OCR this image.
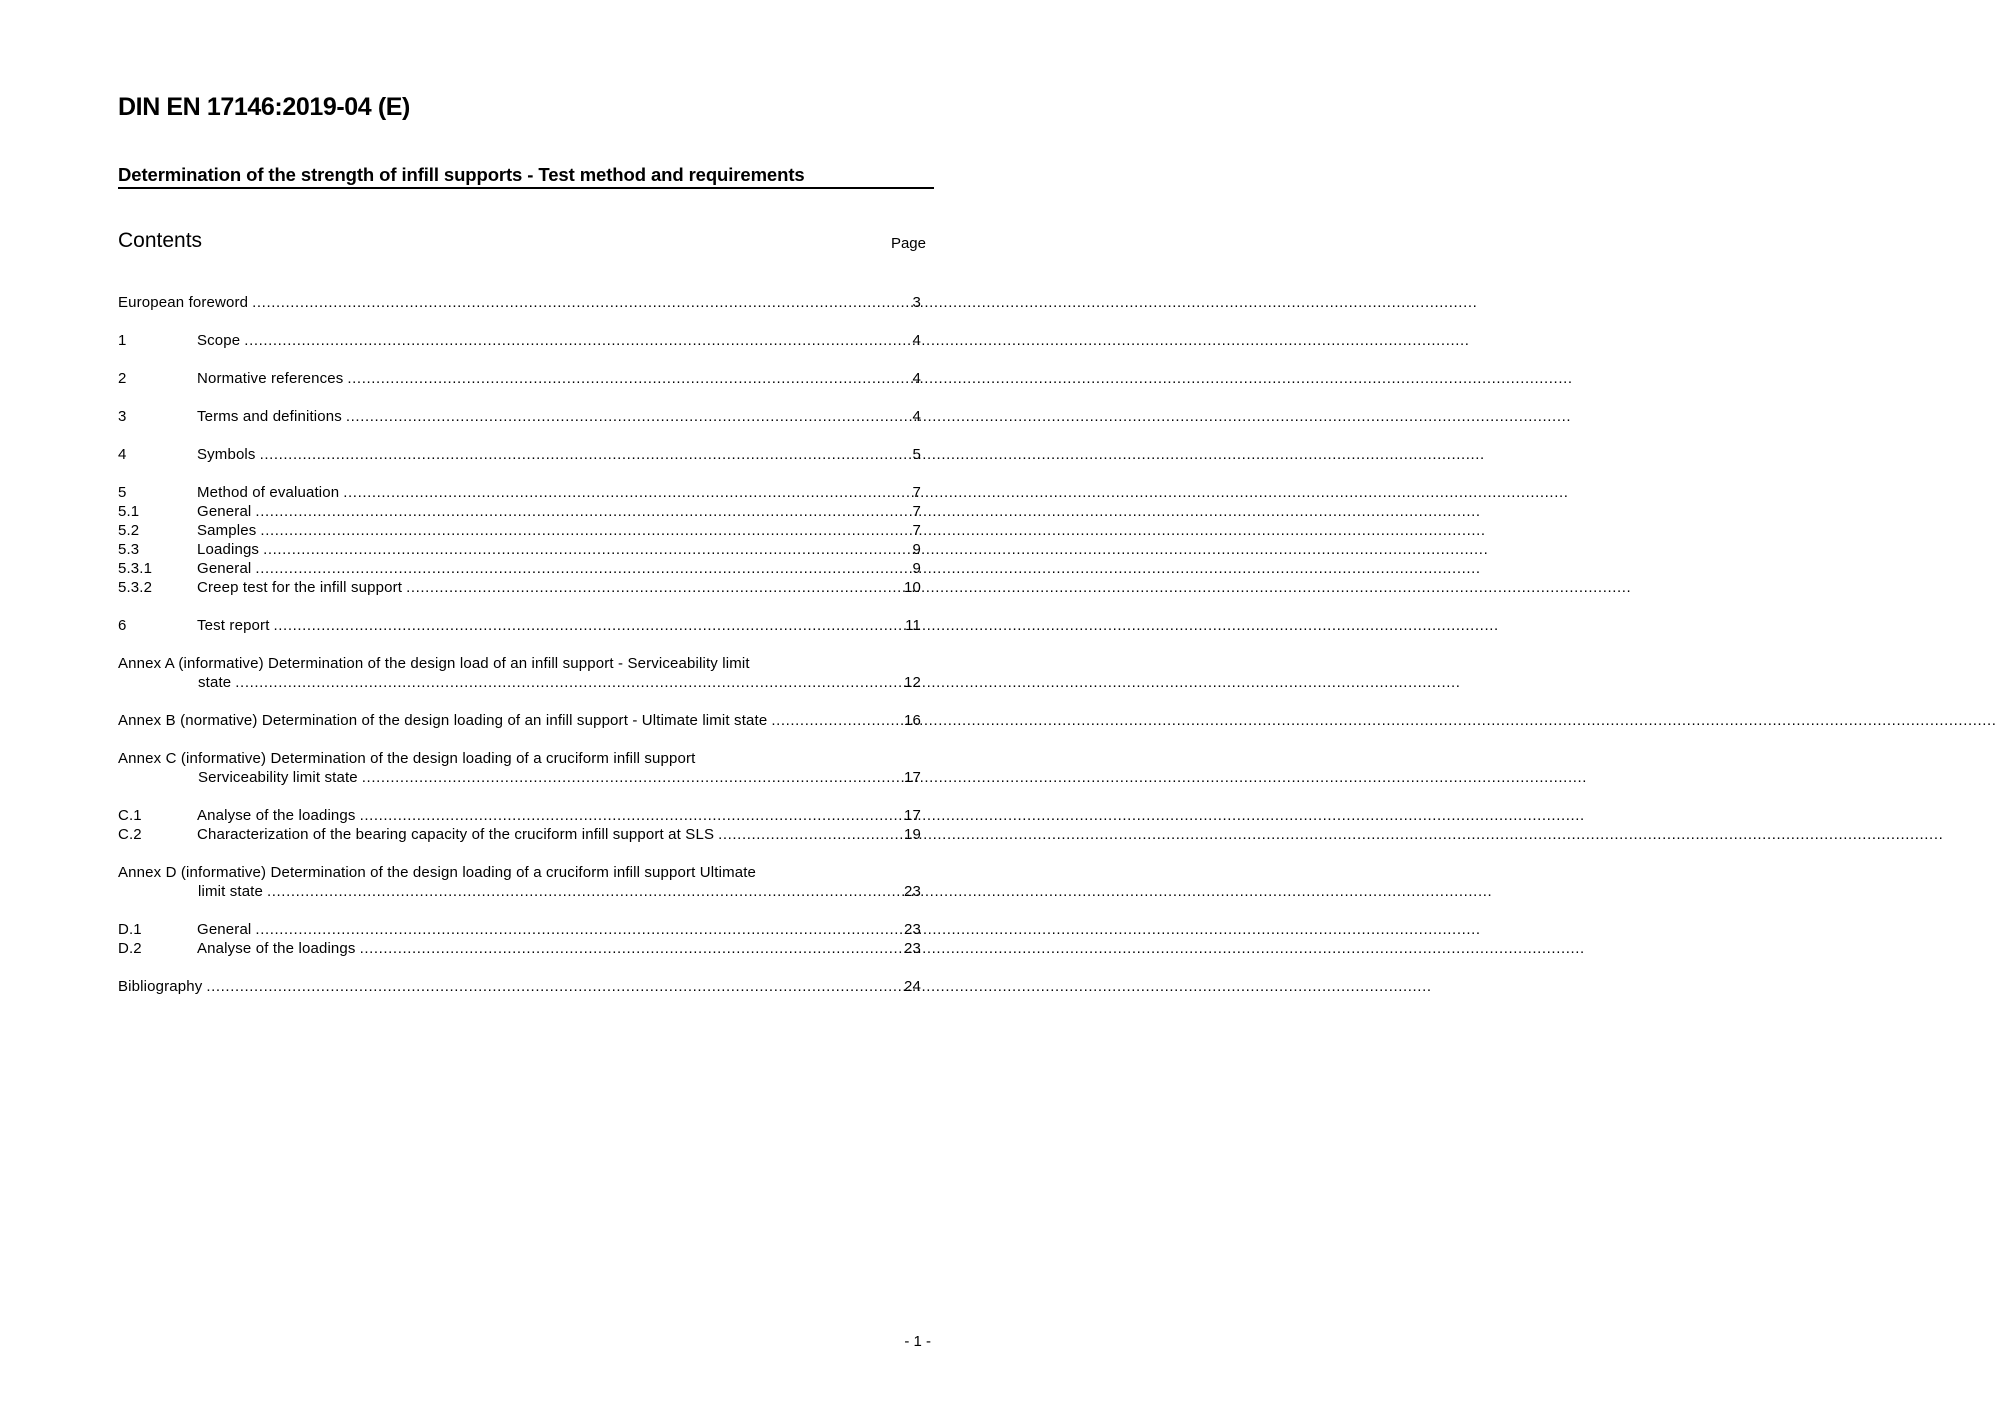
DIN EN 17146:2019-04 (E)
Determination of the strength of infill supports - Test method and requirements
Contents	Page
European foreword .....	3
1	Scope .....	4
2	Normative references .....	4
3	Terms and definitions .....	4
4	Symbols .....	5
5	Method of evaluation .....	7
5.1	General .....	7
5.2	Samples .....	7
5.3	Loadings .....	9
5.3.1	General .....	9
5.3.2	Creep test for the infill support .....	10
6	Test report .....	11
Annex A (informative) Determination of the design load of an infill support - Serviceability limit
state .....	12
Annex B (normative) Determination of the design loading of an infill support - Ultimate limit state .....	16
Annex C (informative) Determination of the design loading of a cruciform infill support
Serviceability limit state .....	17
C.1	Analyse of the loadings .....	17
C.2	Characterization of the bearing capacity of the cruciform infill support at SLS .....	19
Annex D (informative) Determination of the design loading of a cruciform infill support Ultimate
limit state .....	23
D.1	General .....	23
D.2	Analyse of the loadings .....	23
Bibliography .....	24
- 1 -
